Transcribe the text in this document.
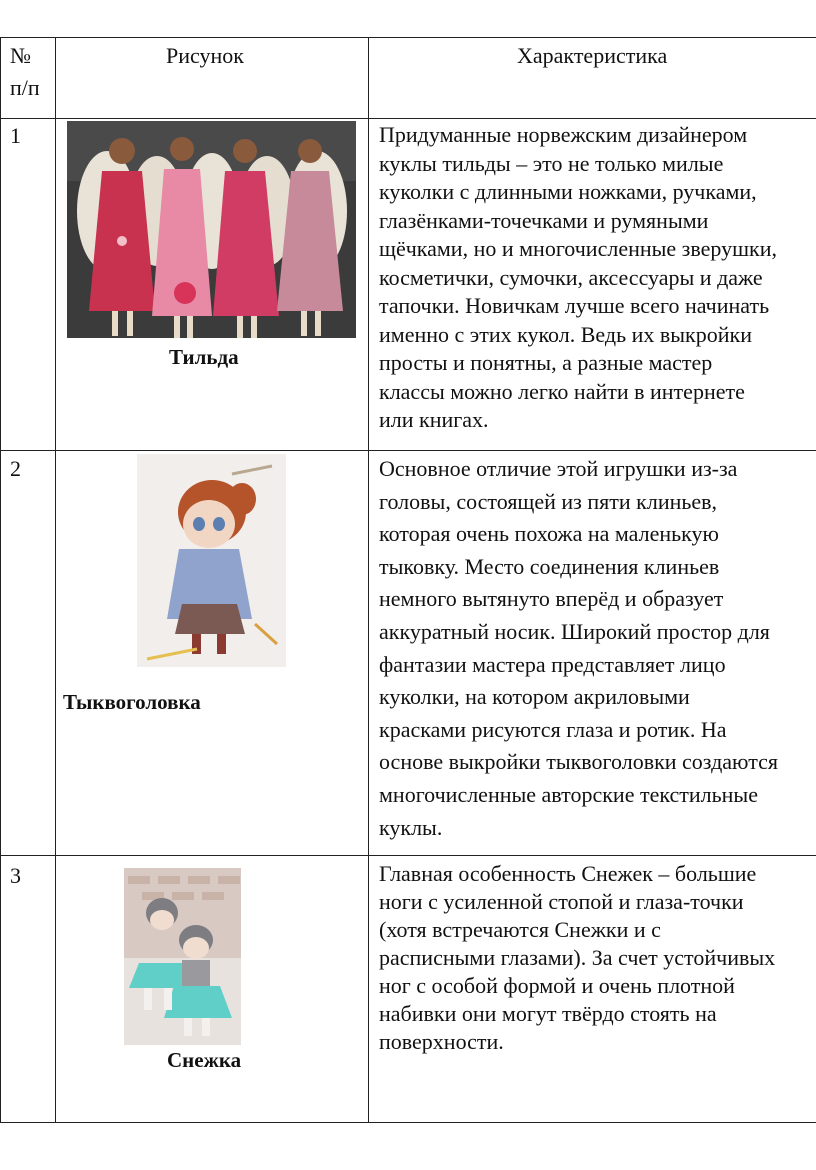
№
п/п
Рисунок	Характеристика
1
Тильда
Придуманные норвежским дизайнером
куклы тильды – это не только милые
куколки с длинными ножками, ручками,
глазёнками-точечками и румяными
щёчками, но и многочисленные зверушки,
косметички, сумочки, аксессуары и даже
тапочки. Новичкам лучше всего начинать
именно с этих кукол. Ведь их выкройки
просты и понятны, а разные мастер
классы можно легко найти в интернете
или книгах.
2
Тыквоголовка
Основное отличие этой игрушки из-за
головы, состоящей из пяти клиньев,
которая очень похожа на маленькую
тыковку. Место соединения клиньев
немного вытянуто вперёд и образует
аккуратный носик. Широкий простор для
фантазии мастера представляет лицо
куколки, на котором акриловыми
красками рисуются глаза и ротик. На
основе выкройки тыквоголовки создаются
многочисленные авторские текстильные
куклы.
3
Снежка
Главная особенность Снежек – большие
ноги с усиленной стопой и глаза-точки
(хотя встречаются Снежки и с
расписными глазами). За счет устойчивых
ног с особой формой и очень плотной
набивки они могут твёрдо стоять на
поверхности.
